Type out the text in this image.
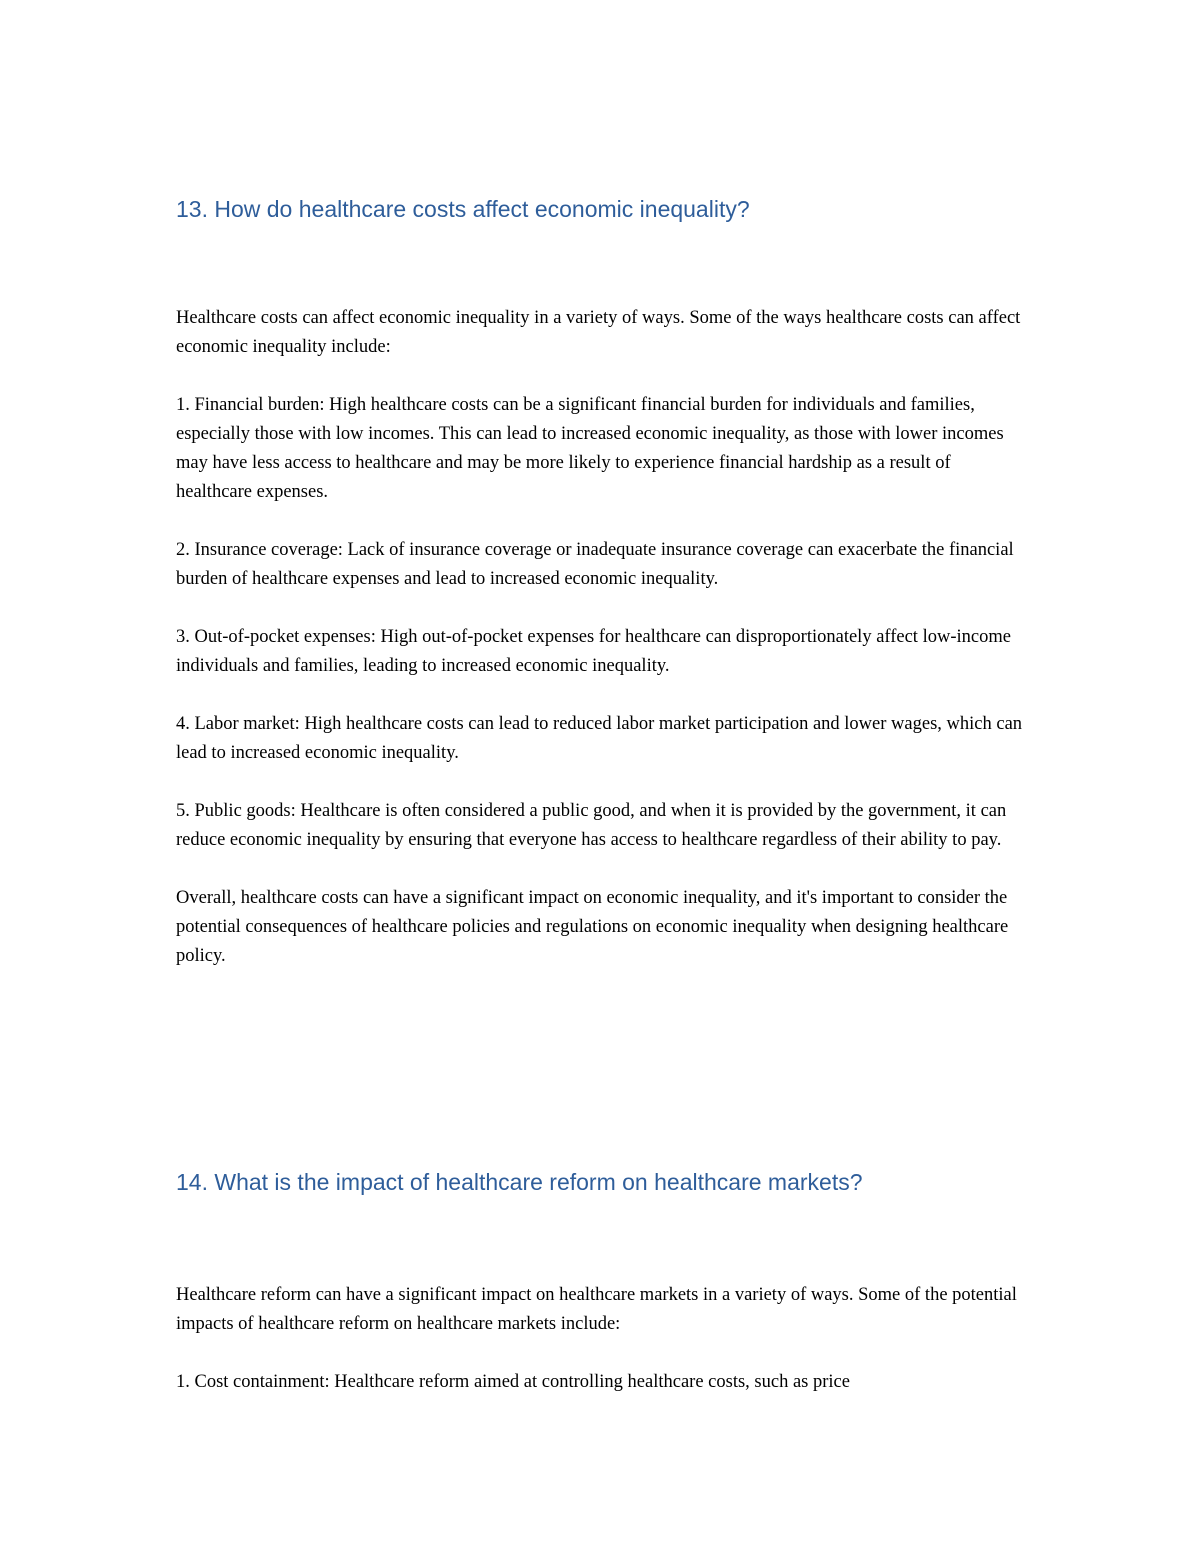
13. How do healthcare costs affect economic inequality?

Healthcare costs can affect economic inequality in a variety of ways. Some of the ways healthcare costs can affect economic inequality include:

1. Financial burden: High healthcare costs can be a significant financial burden for individuals and families, especially those with low incomes. This can lead to increased economic inequality, as those with lower incomes may have less access to healthcare and may be more likely to experience financial hardship as a result of healthcare expenses.

2. Insurance coverage: Lack of insurance coverage or inadequate insurance coverage can exacerbate the financial burden of healthcare expenses and lead to increased economic inequality.

3. Out-of-pocket expenses: High out-of-pocket expenses for healthcare can disproportionately affect low-income individuals and families, leading to increased economic inequality.

4. Labor market: High healthcare costs can lead to reduced labor market participation and lower wages, which can lead to increased economic inequality.

5. Public goods: Healthcare is often considered a public good, and when it is provided by the government, it can reduce economic inequality by ensuring that everyone has access to healthcare regardless of their ability to pay.

Overall, healthcare costs can have a significant impact on economic inequality, and it's important to consider the potential consequences of healthcare policies and regulations on economic inequality when designing healthcare policy.

14. What is the impact of healthcare reform on healthcare markets?

Healthcare reform can have a significant impact on healthcare markets in a variety of ways. Some of the potential impacts of healthcare reform on healthcare markets include:

1. Cost containment: Healthcare reform aimed at controlling healthcare costs, such as price
